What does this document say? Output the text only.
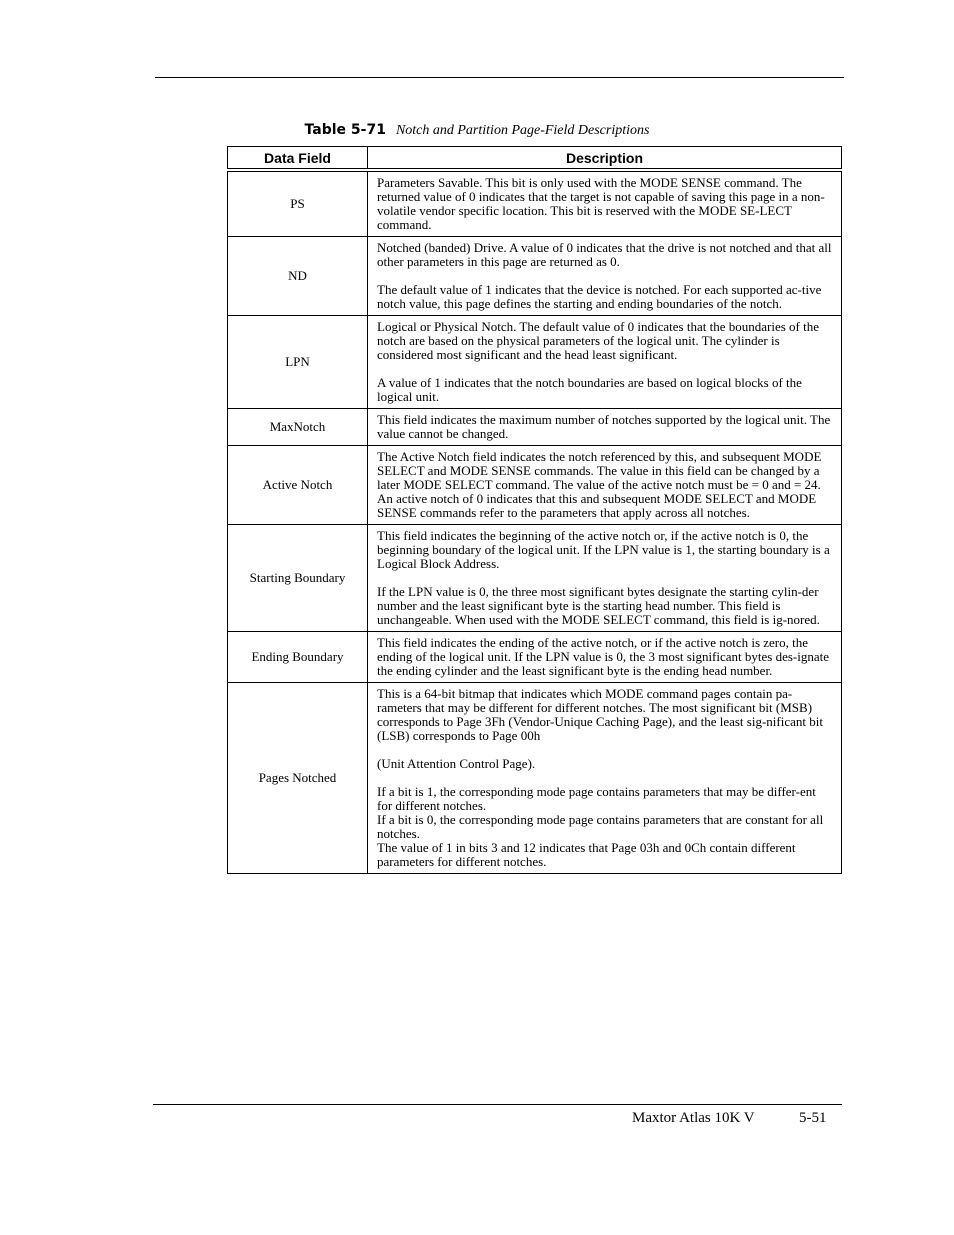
Table 5-71 Notch and Partition Page-Field Descriptions
Data Field	Description
PS	Parameters Savable. This bit is only used with the MODE SENSE command. The returned value of 0 indicates that the target is not capable of saving this page in a non-volatile vendor specific location. This bit is reserved with the MODE SE-LECT command.

ND	Notched (banded) Drive. A value of 0 indicates that the drive is not notched and that all other parameters in this page are returned as 0.

The default value of 1 indicates that the device is notched. For each supported ac-tive notch value, this page defines the starting and ending boundaries of the notch.

LPN	Logical or Physical Notch. The default value of 0 indicates that the boundaries of the notch are based on the physical parameters of the logical unit. The cylinder is considered most significant and the head least significant.

A value of 1 indicates that the notch boundaries are based on logical blocks of the logical unit.

MaxNotch	This field indicates the maximum number of notches supported by the logical unit. The value cannot be changed.

Active Notch	The Active Notch field indicates the notch referenced by this, and subsequent MODE SELECT and MODE SENSE commands. The value in this field can be changed by a later MODE SELECT command. The value of the active notch must be = 0 and = 24. An active notch of 0 indicates that this and subsequent MODE SELECT and MODE SENSE commands refer to the parameters that apply across all notches.

Starting Boundary	This field indicates the beginning of the active notch or, if the active notch is 0, the beginning boundary of the logical unit. If the LPN value is 1, the starting boundary is a Logical Block Address.

If the LPN value is 0, the three most significant bytes designate the starting cylin-der number and the least significant byte is the starting head number. This field is unchangeable. When used with the MODE SELECT command, this field is ig-nored.

Ending Boundary	This field indicates the ending of the active notch, or if the active notch is zero, the ending of the logical unit. If the LPN value is 0, the 3 most significant bytes des-ignate the ending cylinder and the least significant byte is the ending head number.

Pages Notched	This is a 64-bit bitmap that indicates which MODE command pages contain pa-rameters that may be different for different notches. The most significant bit (MSB) corresponds to Page 3Fh (Vendor-Unique Caching Page), and the least sig-nificant bit (LSB) corresponds to Page 00h

(Unit Attention Control Page).

If a bit is 1, the corresponding mode page contains parameters that may be differ-ent for different notches.

If a bit is 0, the corresponding mode page contains parameters that are constant for all notches.

The value of 1 in bits 3 and 12 indicates that Page 03h and 0Ch contain different parameters for different notches.

Maxtor Atlas 10K V	5-51
